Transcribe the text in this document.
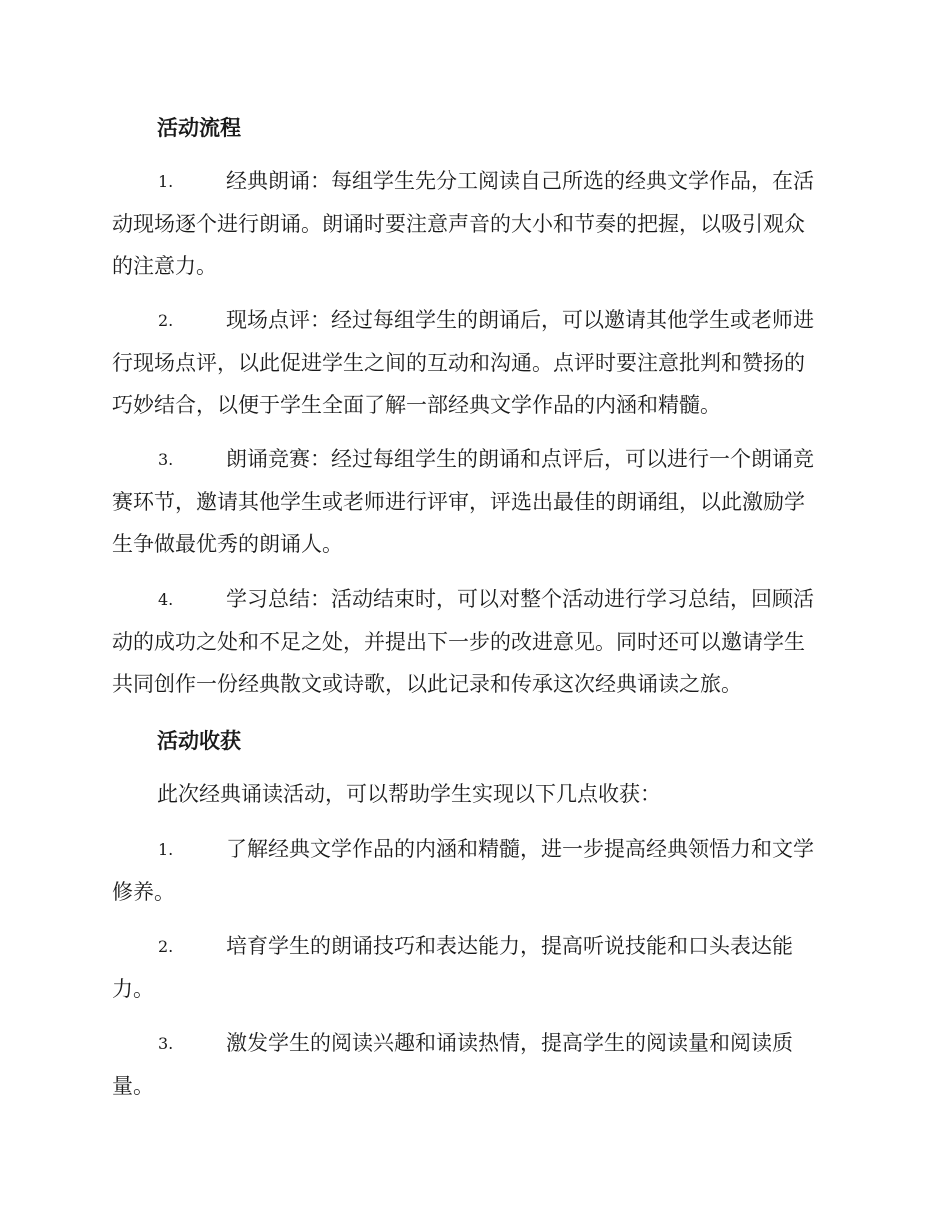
活动流程
1.	经典朗诵：每组学生先分工阅读自己所选的经典文学作品，在活
动现场逐个进行朗诵。朗诵时要注意声音的大小和节奏的把握，以吸引观众
的注意力。
2.	现场点评：经过每组学生的朗诵后，可以邀请其他学生或老师进
行现场点评，以此促进学生之间的互动和沟通。点评时要注意批判和赞扬的
巧妙结合，以便于学生全面了解一部经典文学作品的内涵和精髓。
3.	朗诵竞赛：经过每组学生的朗诵和点评后，可以进行一个朗诵竞
赛环节，邀请其他学生或老师进行评审，评选出最佳的朗诵组，以此激励学
生争做最优秀的朗诵人。
4.	学习总结：活动结束时，可以对整个活动进行学习总结，回顾活
动的成功之处和不足之处，并提出下一步的改进意见。同时还可以邀请学生
共同创作一份经典散文或诗歌，以此记录和传承这次经典诵读之旅。
活动收获
此次经典诵读活动，可以帮助学生实现以下几点收获：
1.	了解经典文学作品的内涵和精髓，进一步提高经典领悟力和文学
修养。
2.	培育学生的朗诵技巧和表达能力，提高听说技能和口头表达能
力。
3.	激发学生的阅读兴趣和诵读热情，提高学生的阅读量和阅读质
量。
